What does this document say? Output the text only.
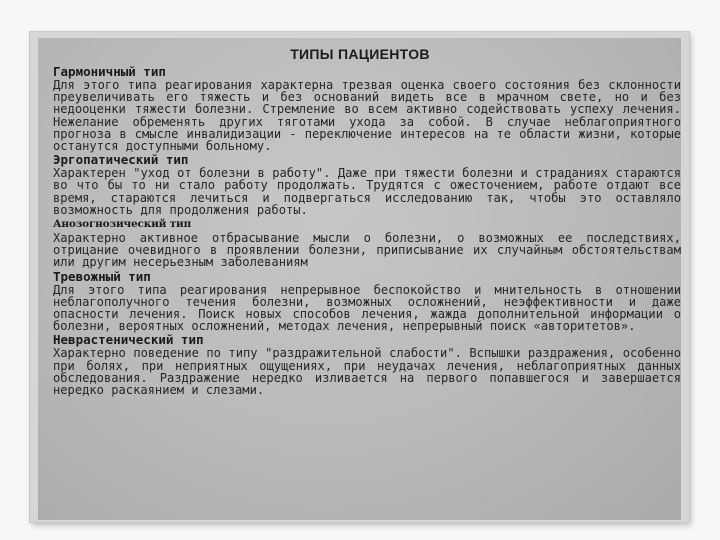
ТИПЫ ПАЦИЕНТОВ
Гармоничный тип

Для этого типа реагирования характерна трезвая оценка своего состояния без склонности преувеличивать его тяжесть и без оснований видеть все в мрачном свете, но и без недооценки тяжести болезни. Стремление во всем активно содействовать успеху лечения. Нежелание обременять других тяготами ухода за собой. В случае неблагоприятного прогноза в смысле инвалидизации - переключение интересов на те области жизни, которые останутся доступными больному.

Эргопатический тип

Характерен "уход от болезни в работу". Даже при тяжести болезни и страданиях стараются во что бы то ни стало работу продолжать. Трудятся с ожесточением, работе отдают все время, стараются лечиться и подвергаться исследованию так, чтобы это оставляло возможность для продолжения работы.

Анозогнозический тип

Характерно активное отбрасывание мысли о болезни, о возможных ее последствиях, отрицание очевидного в проявлении болезни, приписывание их случайным обстоятельствам или другим несерьезным заболеваниям

Тревожный тип

Для этого типа реагирования непрерывное беспокойство и мнительность в отношении неблагополучного течения болезни, возможных осложнений, неэффективности и даже опасности лечения. Поиск новых способов лечения, жажда дополнительной информации о болезни, вероятных осложнений, методах лечения, непрерывный поиск «авторитетов».

Неврастенический тип

Характерно поведение по типу "раздражительной слабости". Вспышки раздражения, особенно при болях, при неприятных ощущениях, при неудачах лечения, неблагоприятных данных обследования. Раздражение нередко изливается на первого попавшегося и завершается нередко раскаянием и слезами.
